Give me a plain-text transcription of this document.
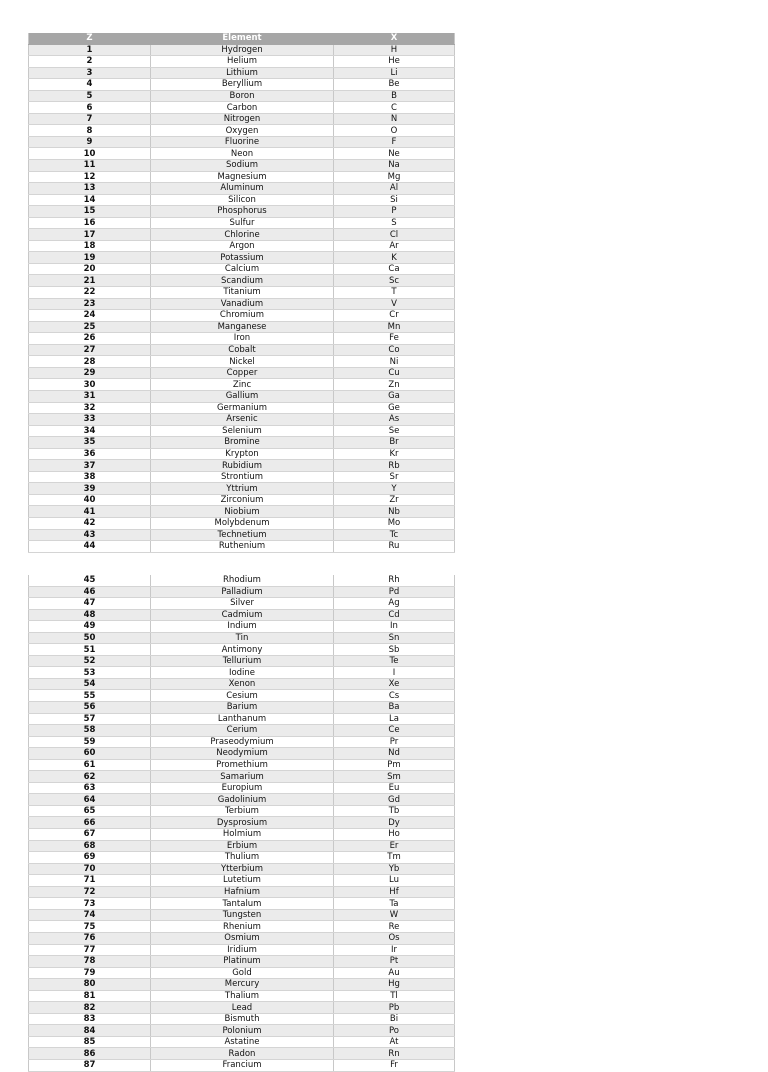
Z	Element	X
1	Hydrogen	H
2	Helium	He
3	Lithium	Li
4	Beryllium	Be
5	Boron	B
6	Carbon	C
7	Nitrogen	N
8	Oxygen	O
9	Fluorine	F
10	Neon	Ne
11	Sodium	Na
12	Magnesium	Mg
13	Aluminum	Al
14	Silicon	Si
15	Phosphorus	P
16	Sulfur	S
17	Chlorine	Cl
18	Argon	Ar
19	Potassium	K
20	Calcium	Ca
21	Scandium	Sc
22	Titanium	T
23	Vanadium	V
24	Chromium	Cr
25	Manganese	Mn
26	Iron	Fe
27	Cobalt	Co
28	Nickel	Ni
29	Copper	Cu
30	Zinc	Zn
31	Gallium	Ga
32	Germanium	Ge
33	Arsenic	As
34	Selenium	Se
35	Bromine	Br
36	Krypton	Kr
37	Rubidium	Rb
38	Strontium	Sr
39	Yttrium	Y
40	Zirconium	Zr
41	Niobium	Nb
42	Molybdenum	Mo
43	Technetium	Tc
44	Ruthenium	Ru
45	Rhodium	Rh
46	Palladium	Pd
47	Silver	Ag
48	Cadmium	Cd
49	Indium	In
50	Tin	Sn
51	Antimony	Sb
52	Tellurium	Te
53	Iodine	I
54	Xenon	Xe
55	Cesium	Cs
56	Barium	Ba
57	Lanthanum	La
58	Cerium	Ce
59	Praseodymium	Pr
60	Neodymium	Nd
61	Promethium	Pm
62	Samarium	Sm
63	Europium	Eu
64	Gadolinium	Gd
65	Terbium	Tb
66	Dysprosium	Dy
67	Holmium	Ho
68	Erbium	Er
69	Thulium	Tm
70	Ytterbium	Yb
71	Lutetium	Lu
72	Hafnium	Hf
73	Tantalum	Ta
74	Tungsten	W
75	Rhenium	Re
76	Osmium	Os
77	Iridium	Ir
78	Platinum	Pt
79	Gold	Au
80	Mercury	Hg
81	Thalium	Tl
82	Lead	Pb
83	Bismuth	Bi
84	Polonium	Po
85	Astatine	At
86	Radon	Rn
87	Francium	Fr
